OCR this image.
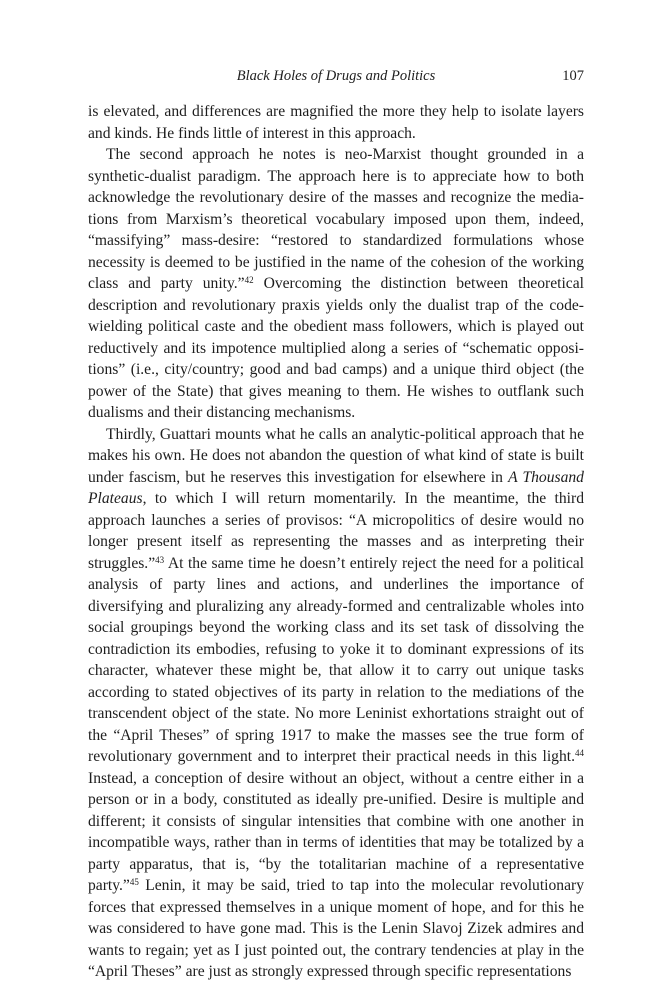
Black Holes of Drugs and Politics	107

is elevated, and differences are magnified the more they help to isolate layers and kinds. He finds little of interest in this approach.

The second approach he notes is neo-Marxist thought grounded in a synthetic-dualist paradigm. The approach here is to appreciate how to both acknowledge the revolutionary desire of the masses and recognize the mediations from Marxism’s theoretical vocabulary imposed upon them, indeed, “massifying” mass-desire: “restored to standardized formulations whose necessity is deemed to be justified in the name of the cohesion of the working class and party unity.”$^{42}$ Overcoming the distinction between theoretical description and revolutionary praxis yields only the dualist trap of the code-wielding political caste and the obedient mass followers, which is played out reductively and its impotence multiplied along a series of “schematic oppositions” (i.e., city/country; good and bad camps) and a unique third object (the power of the State) that gives meaning to them. He wishes to outflank such dualisms and their distancing mechanisms.

Thirdly, Guattari mounts what he calls an analytic-political approach that he makes his own. He does not abandon the question of what kind of state is built under fascism, but he reserves this investigation for elsewhere in A Thousand Plateaus, to which I will return momentarily. In the meantime, the third approach launches a series of provisos: “A micropolitics of desire would no longer present itself as representing the masses and as interpreting their struggles.”$^{43}$ At the same time he doesn’t entirely reject the need for a political analysis of party lines and actions, and underlines the importance of diversifying and pluralizing any already-formed and centralizable wholes into social groupings beyond the working class and its set task of dissolving the contradiction its embodies, refusing to yoke it to dominant expressions of its character, whatever these might be, that allow it to carry out unique tasks according to stated objectives of its party in relation to the mediations of the transcendent object of the state. No more Leninist exhortations straight out of the “April Theses” of spring 1917 to make the masses see the true form of revolutionary government and to interpret their practical needs in this light.$^{44}$ Instead, a conception of desire without an object, without a centre either in a person or in a body, constituted as ideally pre-unified. Desire is multiple and different; it consists of singular intensities that combine with one another in incompatible ways, rather than in terms of identities that may be totalized by a party apparatus, that is, “by the totalitarian machine of a representative party.”$^{45}$ Lenin, it may be said, tried to tap into the molecular revolutionary forces that expressed themselves in a unique moment of hope, and for this he was considered to have gone mad. This is the Lenin Slavoj Zizek admires and wants to regain; yet as I just pointed out, the contrary tendencies at play in the “April Theses” are just as strongly expressed through specific representations
